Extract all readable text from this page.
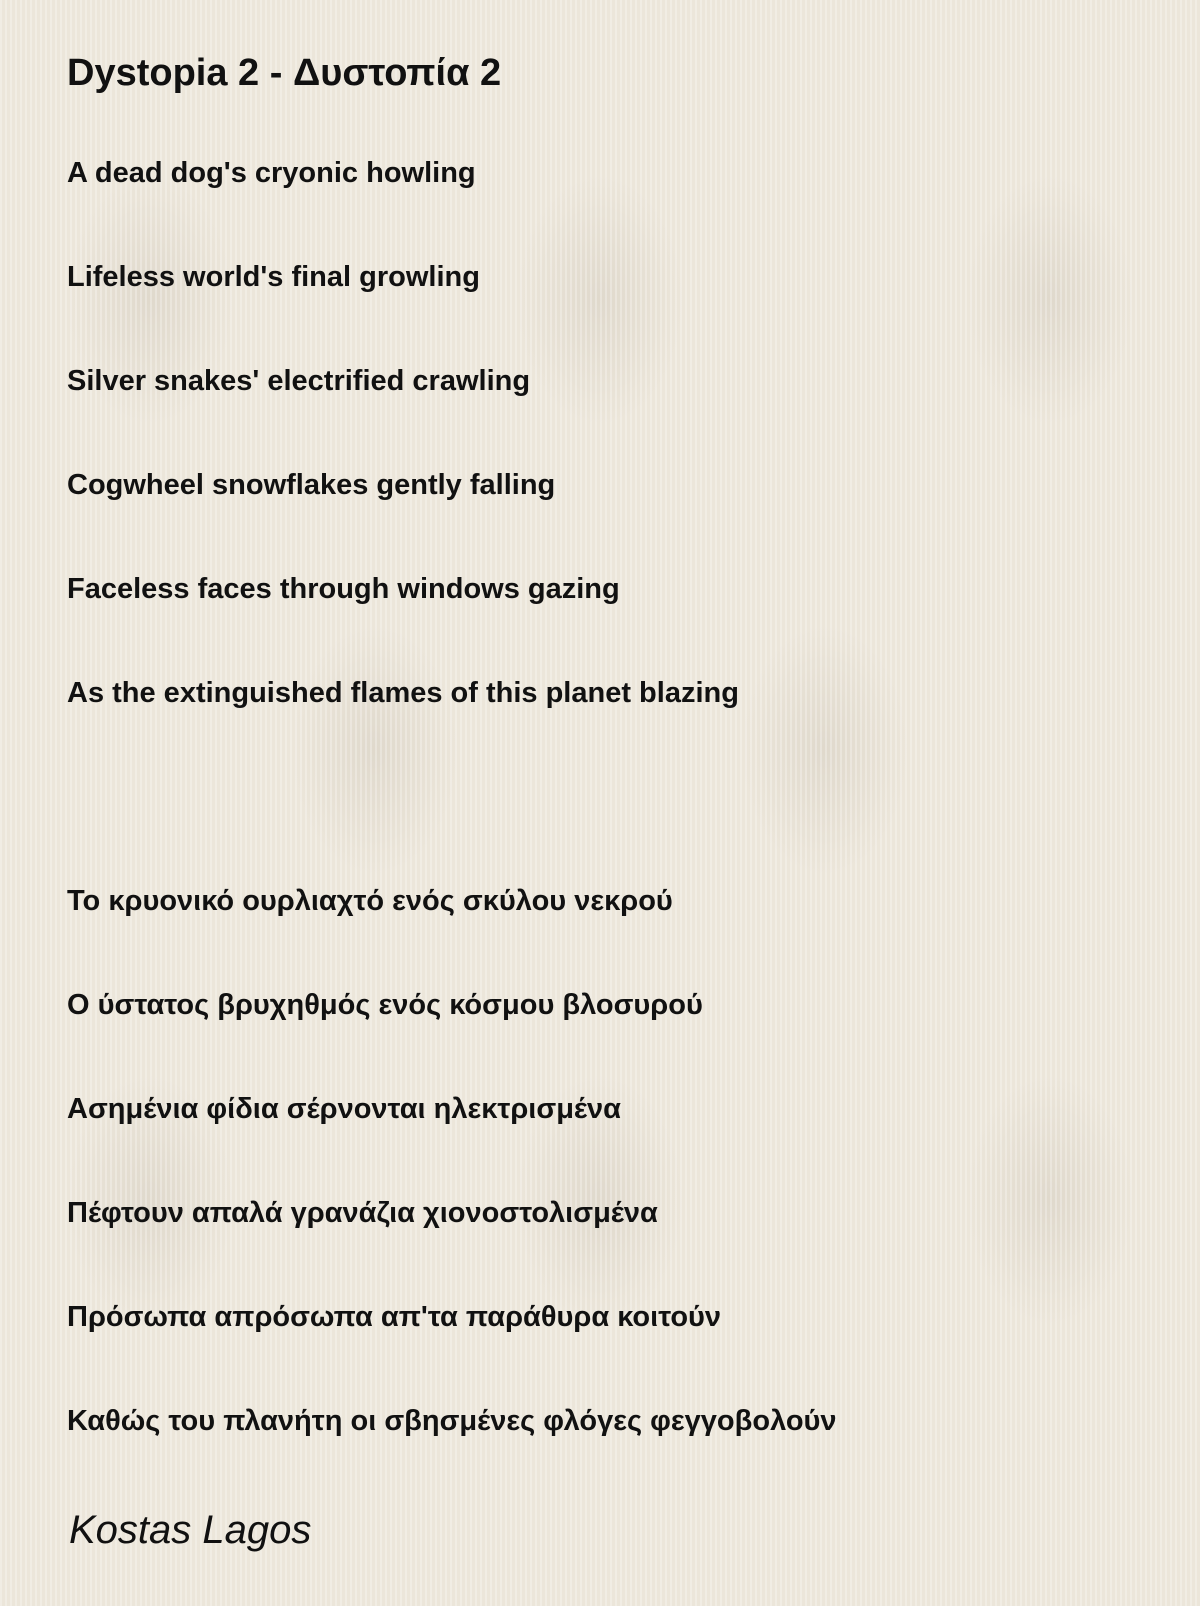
Dystopia 2 - Δυστοπία 2

A dead dog's cryonic howling

Lifeless world's final growling

Silver snakes' electrified crawling

Cogwheel snowflakes gently falling

Faceless faces through windows gazing

As the extinguished flames of this planet blazing

Το κρυονικό ουρλιαχτό ενός σκύλου νεκρού

Ο ύστατος βρυχηθμός ενός κόσμου βλοσυρού

Ασημένια φίδια σέρνονται ηλεκτρισμένα

Πέφτουν απαλά γρανάζια χιονοστολισμένα

Πρόσωπα απρόσωπα απ'τα παράθυρα κοιτούν

Καθώς του πλανήτη οι σβησμένες φλόγες φεγγοβολούν

Kostas Lagos
